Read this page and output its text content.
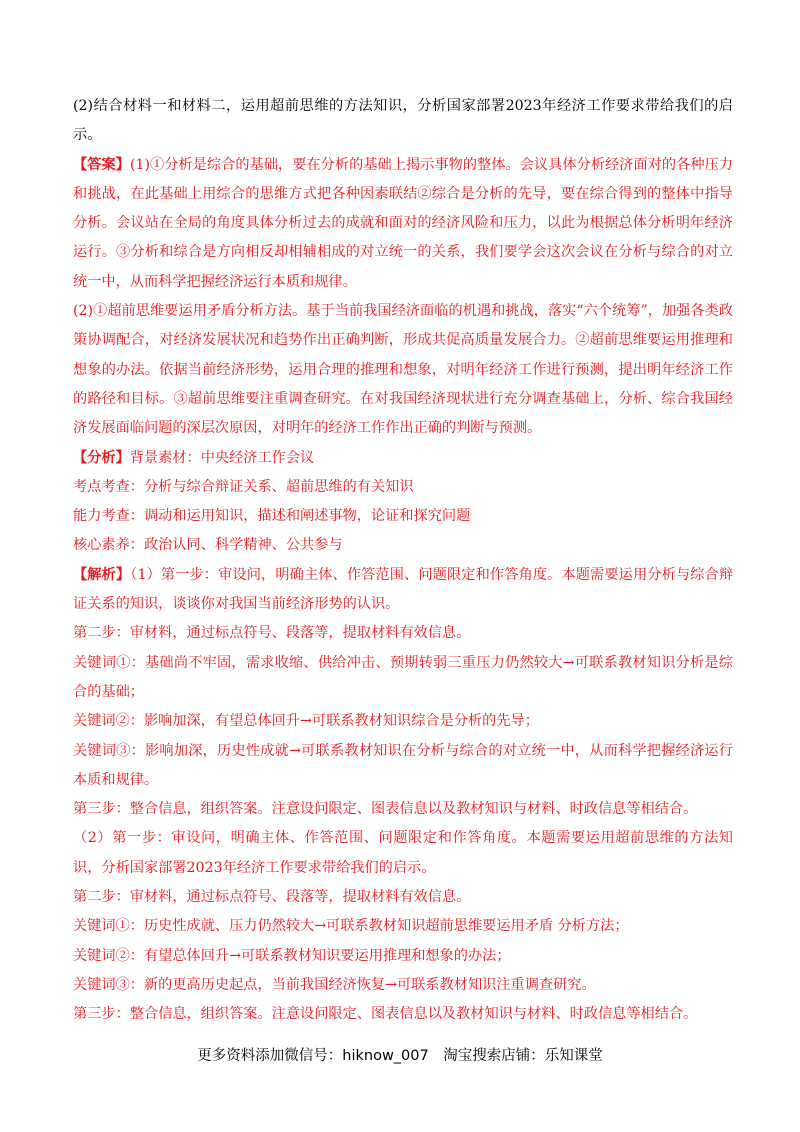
(2)结合材料一和材料二，运用超前思维的方法知识，分析国家部署2023年经济工作要求带给我们的启示。

【答案】(1)①分析是综合的基础，要在分析的基础上揭示事物的整体。会议具体分析经济面对的各种压力和挑战，在此基础上用综合的思维方式把各种因素联结②综合是分析的先导，要在综合得到的整体中指导分析。会议站在全局的角度具体分析过去的成就和面对的经济风险和压力，以此为根据总体分析明年经济运行。③分析和综合是方向相反却相辅相成的对立统一的关系，我们要学会这次会议在分析与综合的对立统一中，从而科学把握经济运行本质和规律。

(2)①超前思维要运用矛盾分析方法。基于当前我国经济面临的机遇和挑战，落实“六个统筹”，加强各类政策协调配合，对经济发展状况和趋势作出正确判断，形成共促高质量发展合力。②超前思维要运用推理和想象的办法。依据当前经济形势，运用合理的推理和想象，对明年经济工作进行预测，提出明年经济工作的路径和目标。③超前思维要注重调查研究。在对我国经济现状进行充分调查基础上，分析、综合我国经济发展面临问题的深层次原因，对明年的经济工作作出正确的判断与预测。

【分析】背景素材：中央经济工作会议

考点考查：分析与综合辩证关系、超前思维的有关知识

能力考查：调动和运用知识，描述和阐述事物，论证和探究问题

核心素养：政治认同、科学精神、公共参与

【解析】（1）第一步：审设问，明确主体、作答范围、问题限定和作答角度。本题需要运用分析与综合辩证关系的知识，谈谈你对我国当前经济形势的认识。

第二步：审材料，通过标点符号、段落等，提取材料有效信息。

关键词①：基础尚不牢固，需求收缩、供给冲击、预期转弱三重压力仍然较大→可联系教材知识分析是综合的基础；

关键词②：影响加深，有望总体回升→可联系教材知识综合是分析的先导；

关键词③：影响加深，历史性成就→可联系教材知识在分析与综合的对立统一中，从而科学把握经济运行本质和规律。

第三步：整合信息，组织答案。注意设问限定、图表信息以及教材知识与材料、时政信息等相结合。

（2）第一步：审设问，明确主体、作答范围、问题限定和作答角度。本题需要运用超前思维的方法知识，分析国家部署2023年经济工作要求带给我们的启示。

第二步：审材料，通过标点符号、段落等，提取材料有效信息。

关键词①：历史性成就、压力仍然较大→可联系教材知识超前思维要运用矛盾 分析方法；

关键词②：有望总体回升→可联系教材知识要运用推理和想象的办法；

关键词③：新的更高历史起点，当前我国经济恢复→可联系教材知识注重调查研究。

第三步：整合信息，组织答案。注意设问限定、图表信息以及教材知识与材料、时政信息等相结合。

更多资料添加微信号：hiknow_007　淘宝搜索店铺：乐知课堂
